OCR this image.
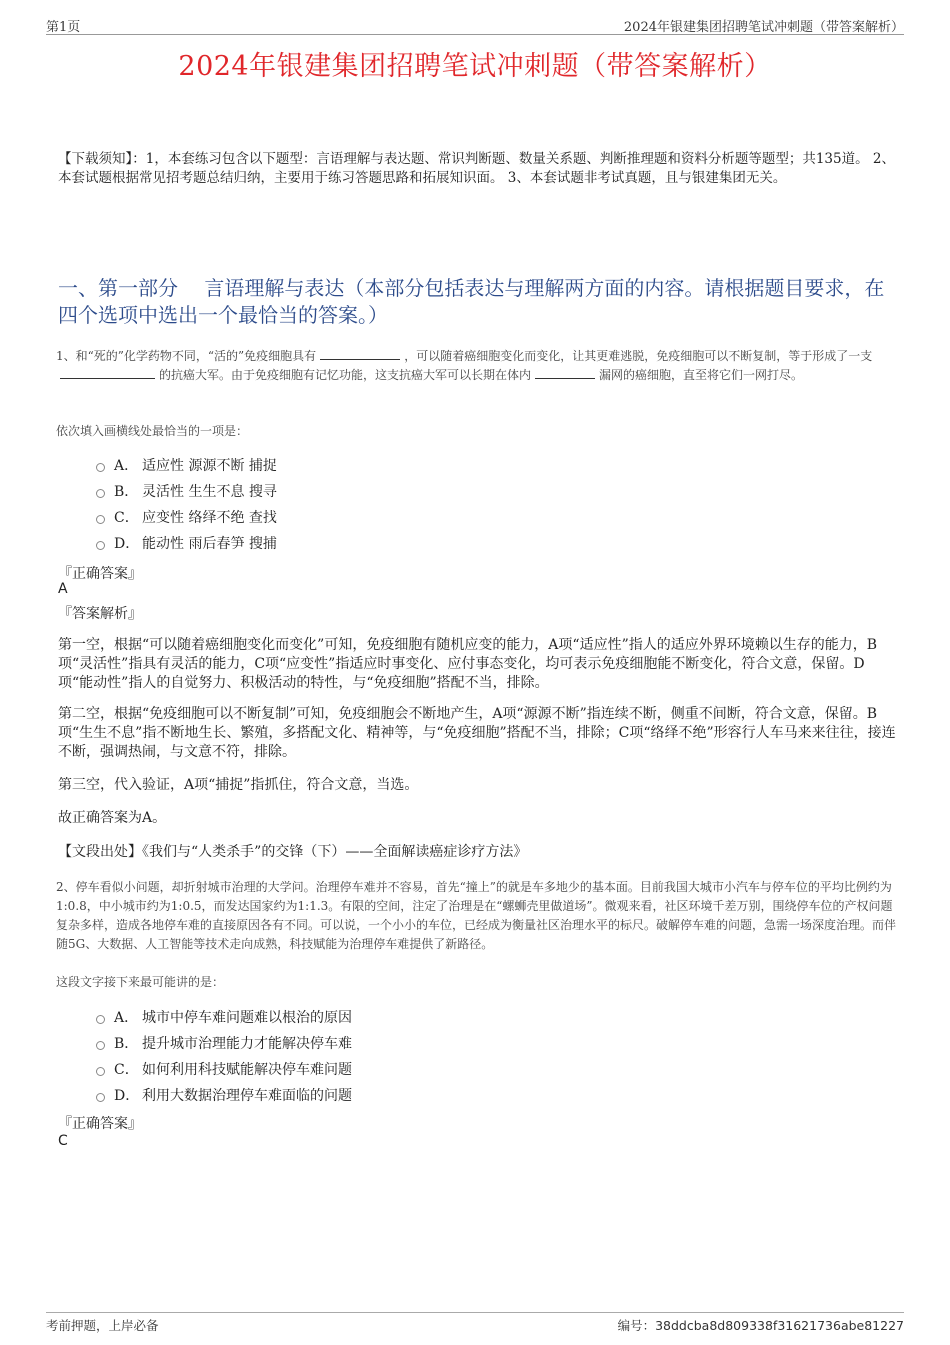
第1页	2024年银建集团招聘笔试冲刺题（带答案解析）
2024年银建集团招聘笔试冲刺题（带答案解析）
【下载须知】：1，本套练习包含以下题型：言语理解与表达题、常识判断题、数量关系题、判断推理题和资料分析题等题型；共135道。 2、本套试题根据常见招考题总结归纳，主要用于练习答题思路和拓展知识面。 3、本套试题非考试真题，且与银建集团无关。
一、第一部分　 言语理解与表达（本部分包括表达与理解两方面的内容。请根据题目要求，在四个选项中选出一个最恰当的答案。）
1、和“死的”化学药物不同，“活的”免疫细胞具有	，可以随着癌细胞变化而变化，让其更难逃脱，免疫细胞可以不断复制，等于形成了一支的抗癌大军。由于免疫细胞有记忆功能，这支抗癌大军可以长期在体内	漏网的癌细胞，直至将它们一网打尽。
依次填入画横线处最恰当的一项是：
A． 适应性 源源不断 捕捉
B． 灵活性 生生不息 搜寻
C． 应变性 络绎不绝 查找
D． 能动性 雨后春笋 搜捕
『正确答案』
A
『答案解析』
第一空，根据“可以随着癌细胞变化而变化”可知，免疫细胞有随机应变的能力，A项“适应性”指人的适应外界环境赖以生存的能力，B项“灵活性”指具有灵活的能力，C项“应变性”指适应时事变化、应付事态变化，均可表示免疫细胞能不断变化，符合文意，保留。D项“能动性”指人的自觉努力、积极活动的特性，与“免疫细胞”搭配不当，排除。
第二空，根据“免疫细胞可以不断复制”可知，免疫细胞会不断地产生，A项“源源不断”指连续不断，侧重不间断，符合文意，保留。B项“生生不息”指不断地生长、繁殖，多搭配文化、精神等，与“免疫细胞”搭配不当，排除；C项“络绎不绝”形容行人车马来来往往，接连不断，强调热闹，与文意不符，排除。
第三空，代入验证，A项“捕捉”指抓住，符合文意，当选。
故正确答案为A。
【文段出处】《我们与“人类杀手”的交锋（下）——全面解读癌症诊疗方法》
2、停车看似小问题，却折射城市治理的大学问。治理停车难并不容易，首先“撞上”的就是车多地少的基本面。目前我国大城市小汽车与停车位的平均比例约为1:0.8，中小城市约为1:0.5，而发达国家约为1:1.3。有限的空间，注定了治理是在“螺蛳壳里做道场”。微观来看，社区环境千差万别，围绕停车位的产权问题复杂多样，造成各地停车难的直接原因各有不同。可以说，一个小小的车位，已经成为衡量社区治理水平的标尺。破解停车难的问题，急需一场深度治理。而伴随5G、大数据、人工智能等技术走向成熟，科技赋能为治理停车难提供了新路径。
这段文字接下来最可能讲的是：
A． 城市中停车难问题难以根治的原因
B． 提升城市治理能力才能解决停车难
C． 如何利用科技赋能解决停车难问题
D． 利用大数据治理停车难面临的问题
『正确答案』
C
考前押题，上岸必备	编号：38ddcba8d809338f31621736abe81227
